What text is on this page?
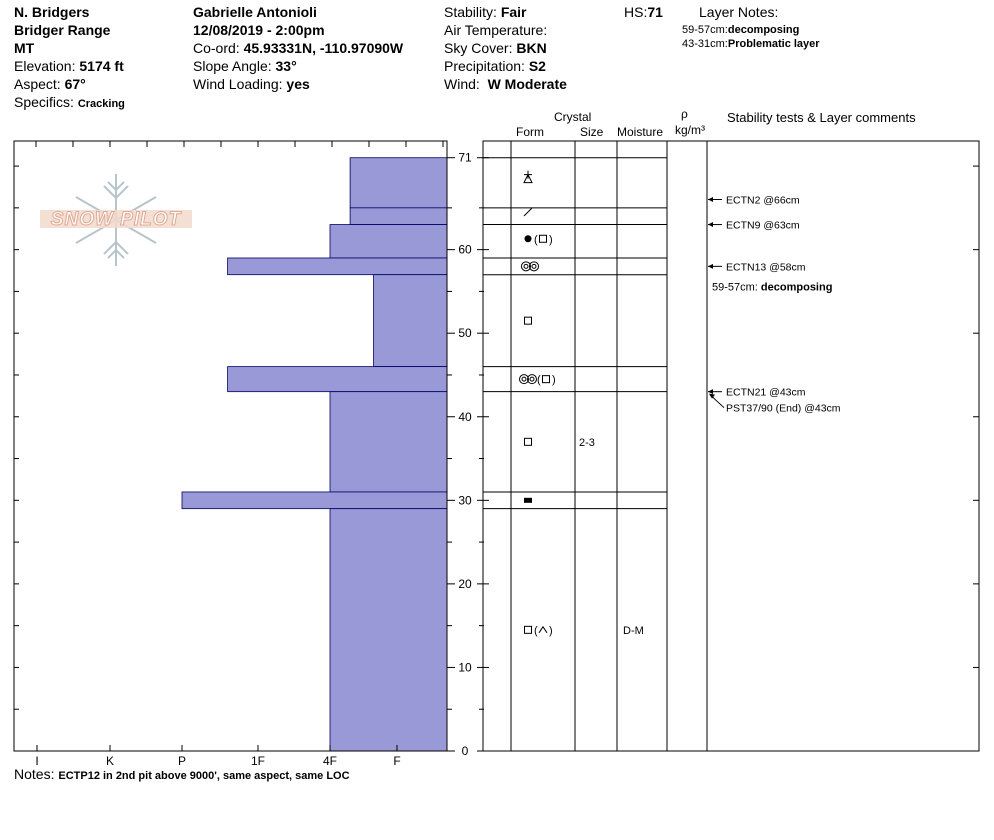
N. Bridgers
Bridger Range
MT
Elevation: 5174 ft
Aspect: 67°
Specifics: Cracking
Gabrielle Antonioli
12/08/2019 - 2:00pm
Co-ord: 45.93331N, -110.97090W
Slope Angle: 33°
Wind Loading: yes
Stability: Fair
Air Temperature:
Sky Cover: BKN
Precipitation: S2
Wind: W Moderate
HS:71	Layer Notes:
59-57cm:decomposing
43-31cm:Problematic layer
Crystal
Form	Size Moisture
ρ
kg/m³
Stability tests & Layer comments
SNOW PILOT
I	K	P	1F	4F	F
0
10
20
30
40
50
60
71
( )
( )
2-3
( )	D-M
ECTN2 @66cm
ECTN9 @63cm
ECTN13 @58cm
ECTN21 @43cm
PST37/90 (End) @43cm
59-57cm: decomposing
Notes: ECTP12 in 2nd pit above 9000', same aspect, same LOC
